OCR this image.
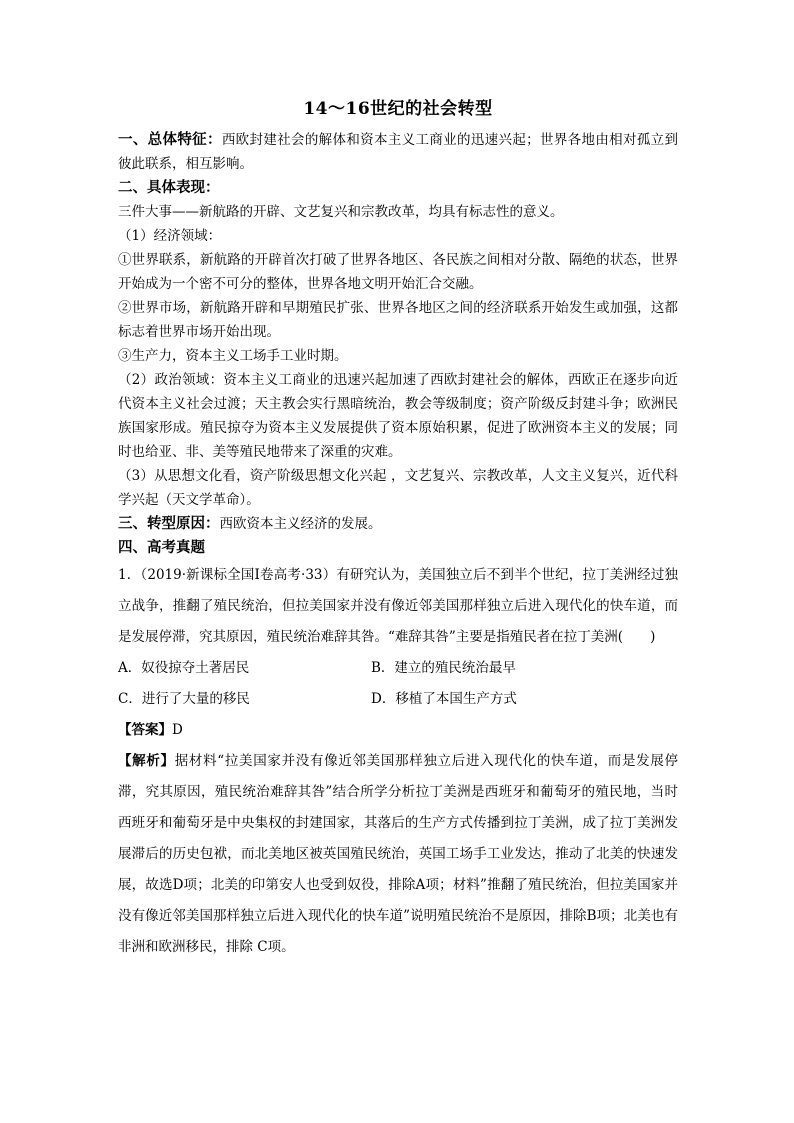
14～16世纪的社会转型

一、总体特征：西欧封建社会的解体和资本主义工商业的迅速兴起；世界各地由相对孤立到彼此联系，相互影响。

二、具体表现：

三件大事——新航路的开辟、文艺复兴和宗教改革，均具有标志性的意义。

（1）经济领域：

①世界联系，新航路的开辟首次打破了世界各地区、各民族之间相对分散、隔绝的状态，世界开始成为一个密不可分的整体，世界各地文明开始汇合交融。

②世界市场，新航路开辟和早期殖民扩张、世界各地区之间的经济联系开始发生或加强，这都标志着世界市场开始出现。

③生产力，资本主义工场手工业时期。

（2）政治领域：资本主义工商业的迅速兴起加速了西欧封建社会的解体，西欧正在逐步向近代资本主义社会过渡；天主教会实行黑暗统治，教会等级制度；资产阶级反封建斗争；欧洲民族国家形成。殖民掠夺为资本主义发展提供了资本原始积累，促进了欧洲资本主义的发展；同时也给亚、非、美等殖民地带来了深重的灾难。

（3）从思想文化看，资产阶级思想文化兴起 ，文艺复兴、宗教改革，人文主义复兴，近代科学兴起（天文学革命）。

三、转型原因：西欧资本主义经济的发展。

四、高考真题

1．（2019·新课标全国Ⅰ卷高考·33）有研究认为，美国独立后不到半个世纪，拉丁美洲经过独立战争，推翻了殖民统治，但拉美国家并没有像近邻美国那样独立后进入现代化的快车道，而是发展停滞，究其原因，殖民统治难辞其咎。“难辞其咎”主要是指殖民者在拉丁美洲(　　)

A．奴役掠夺土著居民	B．建立的殖民统治最早
C．进行了大量的移民	D．移植了本国生产方式

【答案】D

【解析】据材料“拉美国家并没有像近邻美国那样独立后进入现代化的快车道，而是发展停滞，究其原因，殖民统治难辞其咎”结合所学分析拉丁美洲是西班牙和葡萄牙的殖民地，当时西班牙和葡萄牙是中央集权的封建国家，其落后的生产方式传播到拉丁美洲，成了拉丁美洲发展滞后的历史包袱，而北美地区被英国殖民统治，英国工场手工业发达，推动了北美的快速发展，故选D项；北美的印第安人也受到奴役，排除A项；材料”推翻了殖民统治，但拉美国家并没有像近邻美国那样独立后进入现代化的快车道”说明殖民统治不是原因，排除B项；北美也有非洲和欧洲移民，排除 C项。
